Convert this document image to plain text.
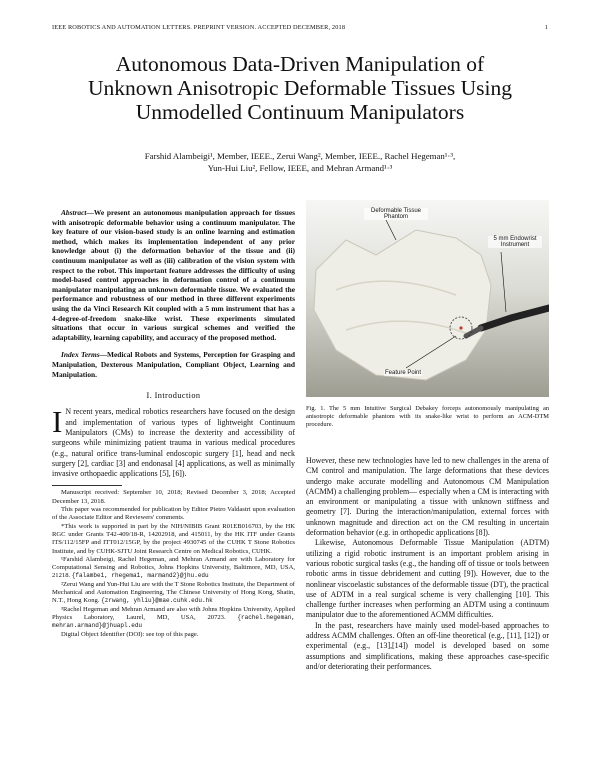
IEEE ROBOTICS AND AUTOMATION LETTERS. PREPRINT VERSION. ACCEPTED DECEMBER, 2018	1
Autonomous Data-Driven Manipulation of
Unknown Anisotropic Deformable Tissues Using
Unmodelled Continuum Manipulators
Farshid Alambeigi¹, Member, IEEE., Zerui Wang², Member, IEEE., Rachel Hegeman¹·³,
Yun-Hui Liu², Fellow, IEEE, and Mehran Armand¹·³

Abstract—We present an autonomous manipulation approach for tissues with anisotropic deformable behavior using a continuum manipulator. The key feature of our vision-based study is an online learning and estimation method, which makes its implementation independent of any prior knowledge about (i) the deformation behavior of the tissue and (ii) continuum manipulator as well as (iii) calibration of the vision system with respect to the robot. This important feature addresses the difficulty of using model-based control approaches in deformation control of a continuum manipulator manipulating an unknown deformable tissue. We evaluated the performance and robustness of our method in three different experiments using the da Vinci Research Kit coupled with a 5 mm instrument that has a 4-degree-of-freedom snake-like wrist. These experiments simulated situations that occur in various surgical schemes and verified the adaptability, learning capability, and accuracy of the proposed method.

Index Terms—Medical Robots and Systems, Perception for Grasping and Manipulation, Dexterous Manipulation, Compliant Object, Learning and Manipulation.

I. Introduction

I N recent years, medical robotics researchers have focused on the design and implementation of various types of lightweight Continuum Manipulators (CMs) to increase the dexterity and accessibility of surgeons while minimizing patient trauma in various medical procedures (e.g., natural orifice trans-luminal endoscopic surgery [1], head and neck surgery [2], cardiac [3] and endonasal [4] applications, as well as minimally invasive orthopaedic applications [5], [6]).

Manuscript received: September 10, 2018; Revised December 3, 2018; Accepted December 13, 2018.

This paper was recommended for publication by Editor Pietro Valdastri upon evaluation of the Associate Editor and Reviewers' comments.

*This work is supported in part by the NIH/NIBIB Grant R01EB016703, by the HK RGC under Grants T42-409/18-R, 14202918, and 415011, by the HK ITF under Grants ITS/112/15FP and ITT012/15GP, by the project 4930745 of the CUHK T Stone Robotics Institute, and by CUHK-SJTU Joint Research Centre on Medical Robotics, CUHK.

¹Farshid Alambeigi, Rachel Hegeman, and Mehran Armand are with Laboratory for Computational Sensing and Robotics, Johns Hopkins University, Baltimore, MD, USA, 21218. {falambe1, rhegema1, marmand2}@jhu.edu

²Zerui Wang and Yun-Hui Liu are with the T Stone Robotics Institute, the Department of Mechanical and Automation Engineering, The Chinese University of Hong Kong, Shatin, N.T., Hong Kong. {zrwang, yhliu}@mae.cuhk.edu.hk

³Rachel Hegeman and Mehran Armand are also with Johns Hopkins University, Applied Physics Laboratory, Laurel, MD, USA, 20723. {rachel.hegeman, mehran.armand}@jhuapl.edu

Digital Object Identifier (DOI): see top of this page.

Deformable Tissue Phantom
5 mm Endowrist Instrument
Feature Point
Fig. 1. The 5 mm Intuitive Surgical Debakey forceps autonomously manipulating an anisotropic deformable phantom with its snake-like wrist to perform an ACM-DTM procedure.

However, these new technologies have led to new challenges in the arena of CM control and manipulation. The large deformations that these devices undergo make accurate modelling and Autonomous CM Manipulation (ACMM) a challenging problem— especially when a CM is interacting with an environment or manipulating a tissue with unknown stiffness and geometry [7]. During the interaction/manipulation, external forces with unknown magnitude and direction act on the CM resulting in uncertain deformation behavior (e.g. in orthopedic applications [8]).

Likewise, Autonomous Deformable Tissue Manipulation (ADTM) utilizing a rigid robotic instrument is an important problem arising in various robotic surgical tasks (e.g., the handing off of tissue or tools between robotic arms in tissue debridement and cutting [9]). However, due to the nonlinear viscoelastic substances of the deformable tissue (DT), the practical use of ADTM in a real surgical scheme is very challenging [10]. This challenge further increases when performing an ADTM using a continuum manipulator due to the aforementioned ACMM difficulties.

In the past, researchers have mainly used model-based approaches to address ACMM challenges. Often an off-line theoretical (e.g., [11], [12]) or experimental (e.g., [13],[14]) model is developed based on some assumptions and simplifications, making these approaches case-specific and/or deteriorating their performances.
